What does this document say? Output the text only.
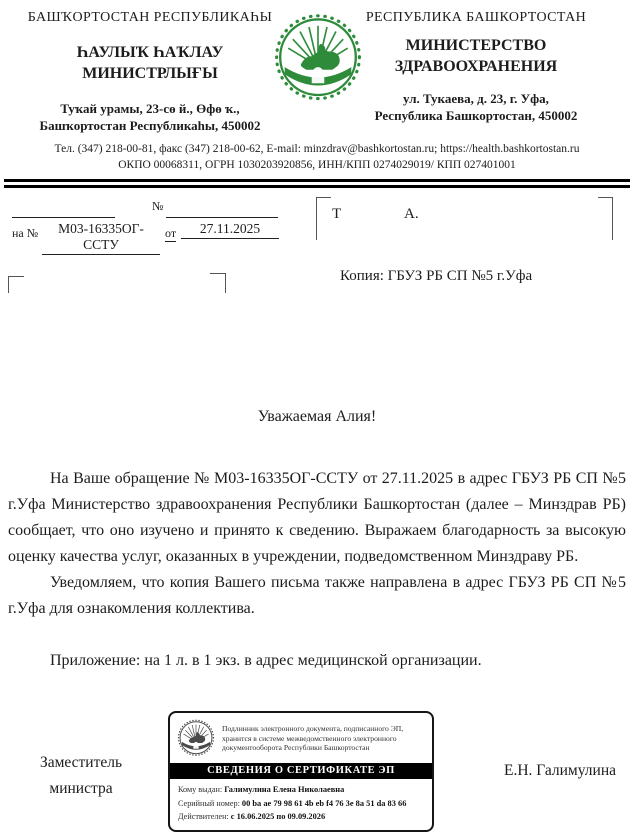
БАШҠОРТОСТАН РЕСПУБЛИКАҺЫ
ҺАУЛЫҠ ҺАҠЛАУ
МИНИСТРЛЫҒЫ
Туҡай урамы, 23-сө й., Өфө ҡ.,
Башҡортостан Республикаһы, 450002
РЕСПУБЛИКА БАШКОРТОСТАН
МИНИСТЕРСТВО
ЗДРАВООХРАНЕНИЯ
ул. Тукаева, д. 23, г. Уфа,
Республика Башкортостан, 450002
Тел. (347) 218-00-81, факс (347) 218-00-62, E-mail: minzdrav@bashkortostan.ru; https://health.bashkortostan.ru
ОКПО 00068311, ОГРН 1030203920856, ИНН/КПП 0274029019/ КПП 027401001
№
на №	М03-16335ОГ-ССТУ
от	27.11.2025
Т	А.
Копия: ГБУЗ РБ СП №5 г.Уфа
Уважаемая Алия!

На Ваше обращение № М03-16335ОГ-ССТУ от 27.11.2025 в адрес ГБУЗ РБ СП №5 г.Уфа Министерство здравоохранения Республики Башкортостан (далее – Минздрав РБ) сообщает, что оно изучено и принято к сведению. Выражаем благодарность за высокую оценку качества услуг, оказанных в учреждении, подведомственном Минздраву РБ.

Уведомляем, что копия Вашего письма также направлена в адрес ГБУЗ РБ СП №5 г.Уфа для ознакомления коллектива.

Приложение: на 1 л. в 1 экз. в адрес медицинской организации.
Заместитель
министра
Подлинник электронного документа, подписанного ЭП, хранится в системе межведомственного электронного документооборота Республики Башкортостан
СВЕДЕНИЯ О СЕРТИФИКАТЕ ЭП
Кому выдан: Галимулина Елена Николаевна
Серийный номер: 00 ba ae 79 98 61 4b eb f4 76 3e 8a 51 da 83 66
Действителен: с 16.06.2025 по 09.09.2026
Е.Н. Галимулина
